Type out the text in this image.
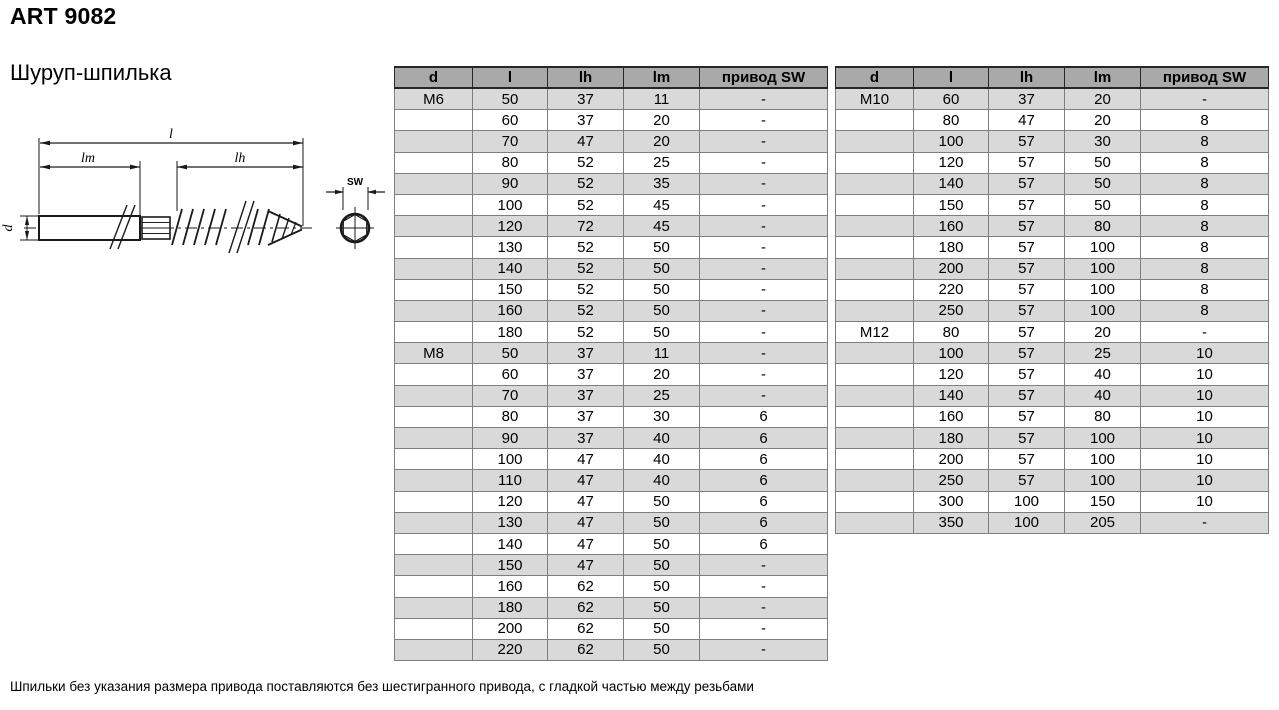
ART 9082
Шуруп-шпилька
l
lm	lh
d
SW
d	l	lh	lm	привод SW
M6	50	37	11	-
	60	37	20	-
	70	47	20	-
	80	52	25	-
	90	52	35	-
	100	52	45	-
	120	72	45	-
	130	52	50	-
	140	52	50	-
	150	52	50	-
	160	52	50	-
	180	52	50	-
M8	50	37	11	-
	60	37	20	-
	70	37	25	-
	80	37	30	6
	90	37	40	6
	100	47	40	6
	110	47	40	6
	120	47	50	6
	130	47	50	6
	140	47	50	6
	150	47	50	-
	160	62	50	-
	180	62	50	-
	200	62	50	-
	220	62	50	-
d	l	lh	lm	привод SW
M10	60	37	20	-
	80	47	20	8
	100	57	30	8
	120	57	50	8
	140	57	50	8
	150	57	50	8
	160	57	80	8
	180	57	100	8
	200	57	100	8
	220	57	100	8
	250	57	100	8
M12	80	57	20	-
	100	57	25	10
	120	57	40	10
	140	57	40	10
	160	57	80	10
	180	57	100	10
	200	57	100	10
	250	57	100	10
	300	100	150	10
	350	100	205	-
Шпильки без указания размера привода поставляются без шестигранного привода, с гладкой частью между резьбами
